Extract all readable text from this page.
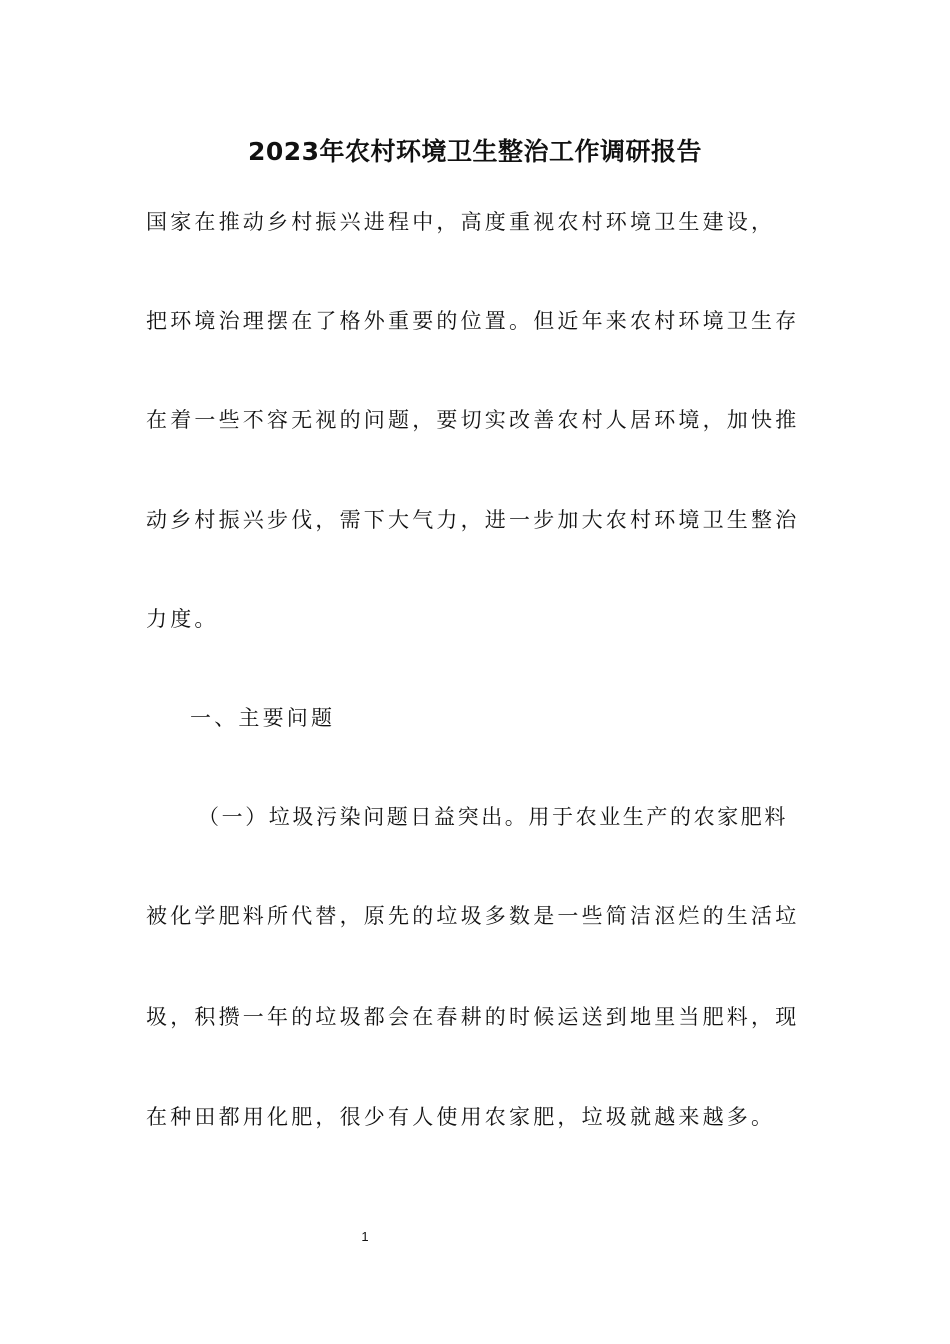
2023年农村环境卫生整治工作调研报告

国家在推动乡村振兴进程中，高度重视农村环境卫生建设，

把环境治理摆在了格外重要的位置。但近年来农村环境卫生存

在着一些不容无视的问题，要切实改善农村人居环境，加快推

动乡村振兴步伐，需下大气力，进一步加大农村环境卫生整治

力度。

一、主要问题

（一）垃圾污染问题日益突出。用于农业生产的农家肥料

被化学肥料所代替，原先的垃圾多数是一些简洁沤烂的生活垃

圾，积攒一年的垃圾都会在春耕的时候运送到地里当肥料，现

在种田都用化肥，很少有人使用农家肥，垃圾就越来越多。

1
